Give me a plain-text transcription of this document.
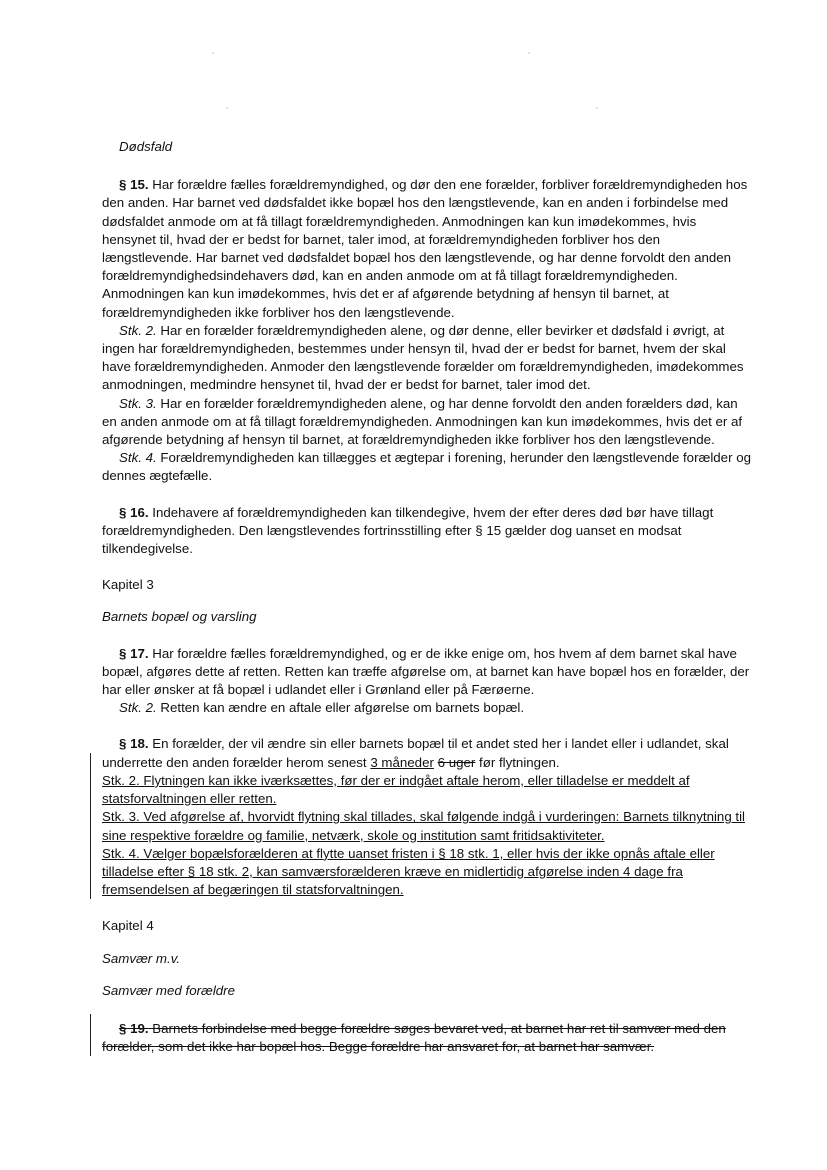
Dødsfald

§ 15. Har forældre fælles forældremyndighed, og dør den ene forælder, forbliver forældremyndigheden hos den anden. Har barnet ved dødsfaldet ikke bopæl hos den længstlevende, kan en anden i forbindelse med dødsfaldet anmode om at få tillagt forældremyndigheden. Anmodningen kan kun imødekommes, hvis hensynet til, hvad der er bedst for barnet, taler imod, at forældremyndigheden forbliver hos den længstlevende. Har barnet ved dødsfaldet bopæl hos den længstlevende, og har denne forvoldt den anden forældremyndighedsindehavers død, kan en anden anmode om at få tillagt forældremyndigheden. Anmodningen kan kun imødekommes, hvis det er af afgørende betydning af hensyn til barnet, at forældremyndigheden ikke forbliver hos den længstlevende.

Stk. 2. Har en forælder forældremyndigheden alene, og dør denne, eller bevirker et dødsfald i øvrigt, at ingen har forældremyndigheden, bestemmes under hensyn til, hvad der er bedst for barnet, hvem der skal have forældremyndigheden. Anmoder den længstlevende forælder om forældremyndigheden, imødekommes anmodningen, medmindre hensynet til, hvad der er bedst for barnet, taler imod det.

Stk. 3. Har en forælder forældremyndigheden alene, og har denne forvoldt den anden forælders død, kan en anden anmode om at få tillagt forældremyndigheden. Anmodningen kan kun imødekommes, hvis det er af afgørende betydning af hensyn til barnet, at forældremyndigheden ikke forbliver hos den længstlevende.

Stk. 4. Forældremyndigheden kan tillægges et ægtepar i forening, herunder den længstlevende forælder og dennes ægtefælle.

§ 16. Indehavere af forældremyndigheden kan tilkendegive, hvem der efter deres død bør have tillagt forældremyndigheden. Den længstlevendes fortrinsstilling efter § 15 gælder dog uanset en modsat tilkendegivelse.

Kapitel 3

Barnets bopæl og varsling

§ 17. Har forældre fælles forældremyndighed, og er de ikke enige om, hos hvem af dem barnet skal have bopæl, afgøres dette af retten. Retten kan træffe afgørelse om, at barnet kan have bopæl hos en forælder, der har eller ønsker at få bopæl i udlandet eller i Grønland eller på Færøerne.

Stk. 2. Retten kan ændre en aftale eller afgørelse om barnets bopæl.

§ 18. En forælder, der vil ændre sin eller barnets bopæl til et andet sted her i landet eller i udlandet, skal underrette den anden forælder herom senest 3 måneder 6 uger før flytningen.

Stk. 2. Flytningen kan ikke iværksættes, før der er indgået aftale herom, eller tilladelse er meddelt af statsforvaltningen eller retten.

Stk. 3. Ved afgørelse af, hvorvidt flytning skal tillades, skal følgende indgå i vurderingen: Barnets tilknytning til sine respektive forældre og familie, netværk, skole og institution samt fritidsaktiviteter.

Stk. 4. Vælger bopælsforælderen at flytte uanset fristen i § 18 stk. 1, eller hvis der ikke opnås aftale eller tilladelse efter § 18 stk. 2, kan samværsforælderen kræve en midlertidig afgørelse inden 4 dage fra fremsendelsen af begæringen til statsforvaltningen.

Kapitel 4

Samvær m.v.

Samvær med forældre

§ 19. Barnets forbindelse med begge forældre søges bevaret ved, at barnet har ret til samvær med den forælder, som det ikke har bopæl hos. Begge forældre har ansvaret for, at barnet har samvær.
